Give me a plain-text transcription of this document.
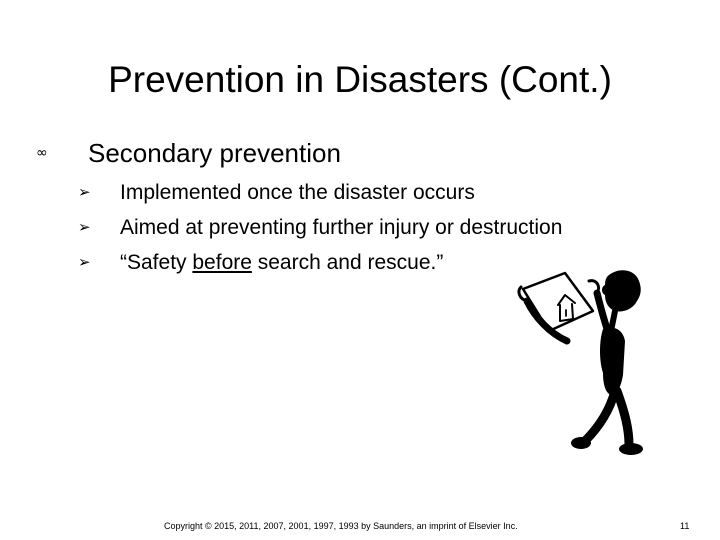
Prevention in Disasters (Cont.)
∞	Secondary prevention
➢	Implemented once the disaster occurs
➢	Aimed at preventing further injury or destruction
➢	“Safety before search and rescue.”
Copyright © 2015, 2011, 2007, 2001, 1997, 1993 by Saunders, an imprint of Elsevier Inc.	11
